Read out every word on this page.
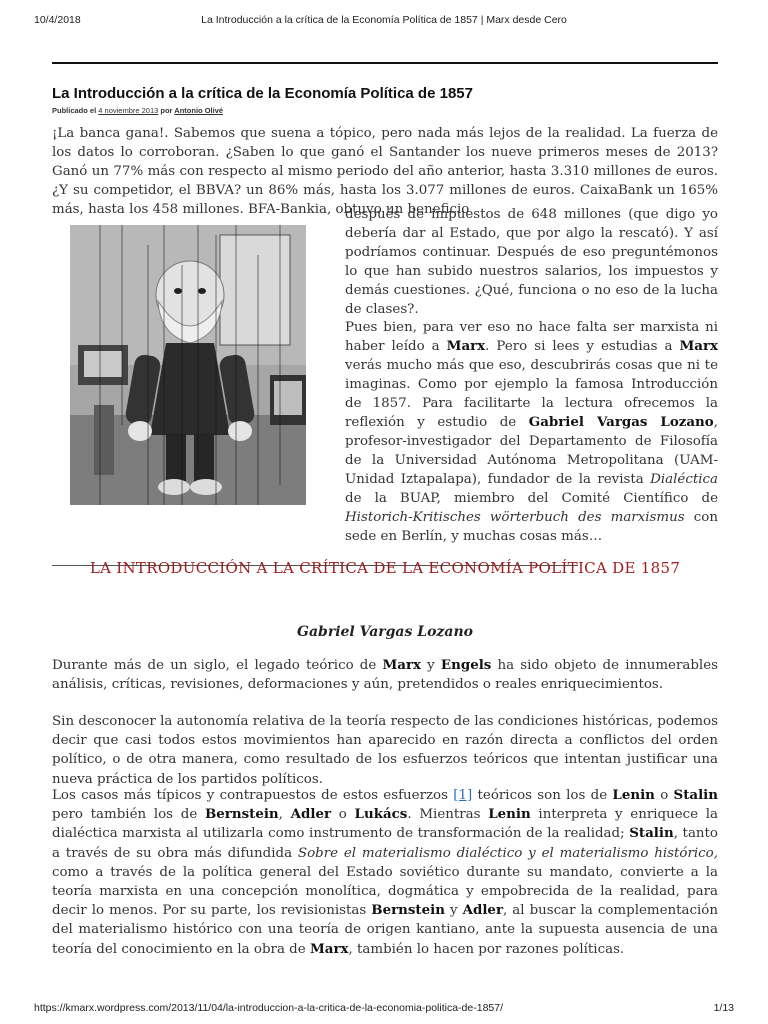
10/4/2018	La Introducción a la crítica de la Economía Política de 1857 | Marx desde Cero
La Introducción a la crítica de la Economía Política de 1857
Publicado el 4 noviembre 2013 por Antonio Olivé

¡La banca gana!. Sabemos que suena a tópico, pero nada más lejos de la realidad. La fuerza de los datos lo corroboran. ¿Saben lo que ganó el Santander los nueve primeros meses de 2013? Ganó un 77% más con respecto al mismo periodo del año anterior, hasta 3.310 millones de euros. ¿Y su competidor, el BBVA? un 86% más, hasta los 3.077 millones de euros. CaixaBank un 165% más, hasta los 458 millones. BFA-Bankia, obtuvo un beneficio

después de impuestos de 648 millones (que digo yo debería dar al Estado, que por algo la rescató). Y así podríamos continuar. Después de eso preguntémonos lo que han subido nuestros salarios, los impuestos y demás cuestiones. ¿Qué, funciona o no eso de la lucha de clases?.

Pues bien, para ver eso no hace falta ser marxista ni haber leído a Marx. Pero si lees y estudias a Marx verás mucho más que eso, descubrirás cosas que ni te imaginas. Como por ejemplo la famosa Introducción de 1857. Para facilitarte la lectura ofrecemos la reflexión y estudio de Gabriel Vargas Lozano, profesor-investigador del Departamento de Filosofía de la Universidad Autónoma Metropolitana (UAM-Unidad Iztapalapa), fundador de la revista Dialéctica de la BUAP, miembro del Comité Científico de Historich-Kritisches wörterbuch des marxismus con sede en Berlín, y muchas cosas más…

LA INTRODUCCIÓN A LA CRÍTICA DE LA ECONOMÍA POLÍTICA DE 1857
Gabriel Vargas Lozano

Durante más de un siglo, el legado teórico de Marx y Engels ha sido objeto de innumerables análisis, críticas, revisiones, deformaciones y aún, pretendidos o reales enriquecimientos.

Sin desconocer la autonomía relativa de la teoría respecto de las condiciones históricas, podemos decir que casi todos estos movimientos han aparecido en razón directa a conflictos del orden político, o de otra manera, como resultado de los esfuerzos teóricos que intentan justificar una nueva práctica de los partidos políticos.

Los casos más típicos y contrapuestos de estos esfuerzos [1] teóricos son los de Lenin o Stalin pero también los de Bernstein, Adler o Lukács. Mientras Lenin interpreta y enriquece la dialéctica marxista al utilizarla como instrumento de transformación de la realidad; Stalin, tanto a través de su obra más difundida Sobre el materialismo dialéctico y el materialismo histórico, como a través de la política general del Estado soviético durante su mandato, convierte a la teoría marxista en una concepción monolítica, dogmática y empobrecida de la realidad, para decir lo menos. Por su parte, los revisionistas Bernstein y Adler, al buscar la complementación del materialismo histórico con una teoría de origen kantiano, ante la supuesta ausencia de una teoría del conocimiento en la obra de Marx, también lo hacen por razones políticas.

https://kmarx.wordpress.com/2013/11/04/la-introduccion-a-la-critica-de-la-economia-politica-de-1857/	1/13
